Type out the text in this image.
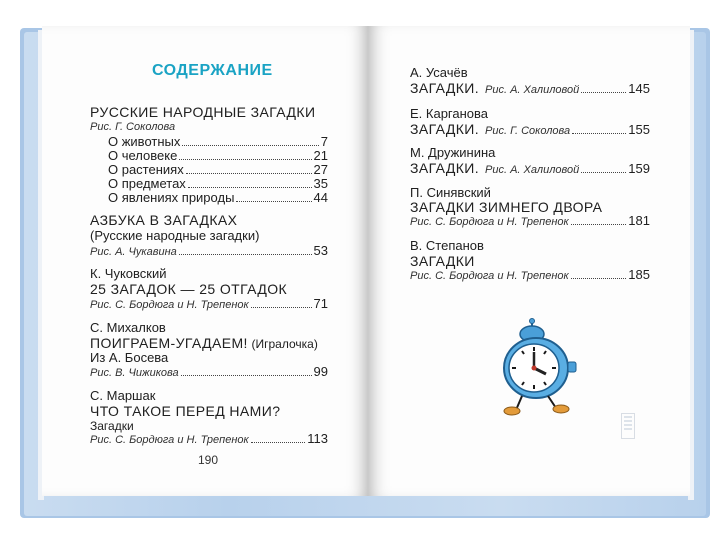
СОДЕРЖАНИЕ
РУССКИЕ НАРОДНЫЕ ЗАГАДКИ
Рис. Г. Соколова
О животных	7
О человеке	21
О растениях	27
О предметах	35
О явлениях природы	44
АЗБУКА В ЗАГАДКАХ
(Русские народные загадки)
Рис. А. Чукавина	53
К. Чуковский
25 ЗАГАДОК — 25 ОТГАДОК
Рис. С. Бордюга и Н. Трепенок	71
С. Михалков
ПОИГРАЕМ-УГАДАЕМ! (Игралочка)
Из А. Босева
Рис. В. Чижикова	99
С. Маршак
ЧТО ТАКОЕ ПЕРЕД НАМИ?
Загадки
Рис. С. Бордюга и Н. Трепенок	113
190
А. Усачёв
ЗАГАДКИ. Рис. А. Халиловой	145
Е. Карганова
ЗАГАДКИ. Рис. Г. Соколова	155
М. Дружинина
ЗАГАДКИ. Рис. А. Халиловой	159
П. Синявский
ЗАГАДКИ ЗИМНЕГО ДВОРА
Рис. С. Бордюга и Н. Трепенок	181
В. Степанов
ЗАГАДКИ
Рис. С. Бордюга и Н. Трепенок	185
